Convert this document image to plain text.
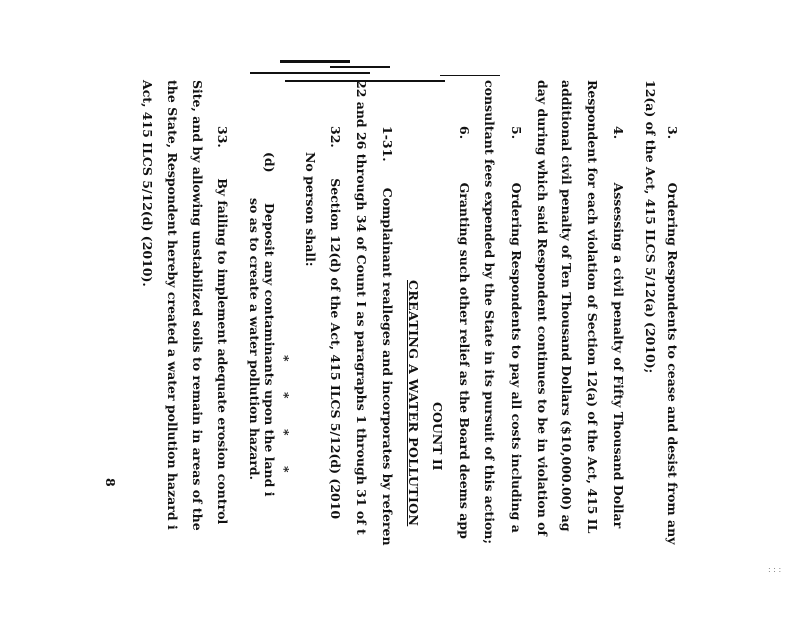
3.          Ordering Respondents to cease and desist from any
12(a) of the Act, 415 ILCS 5/12(a) (2010);
4.          Assessing a civil penalty of Fifty Thousand Dollar
Respondent for each violation of Section 12(a) of the Act, 415 IL
additional civil penalty of Ten Thousand Dollars ($10,000.00) ag
day during which said Respondent continues to be in violation of
5.          Ordering Respondents to pay all costs including a
consultant fees expended by the State in its pursuit of this action;
6.          Granting such other relief as the Board deems app
COUNT II
CREATING A WATER POLLUTION
1-31.      Complainant realleges and incorporates by referen
22 and 26 through 34 of Count I as paragraphs 1 through 31 of t
32.       Section 12(d) of the Act, 415 ILCS 5/12(d) (2010
No person shall:
*       *       *       *
(d)       Deposit any contaminants upon the land i
so as to create a water pollution hazard.
33.       By failing to implement adequate erosion control
Site, and by allowing unstabilized soils to remain in areas of the
the State, Respondent hereby created a water pollution hazard i
Act, 415 ILCS 5/12(d) (2010).
8
: : :
